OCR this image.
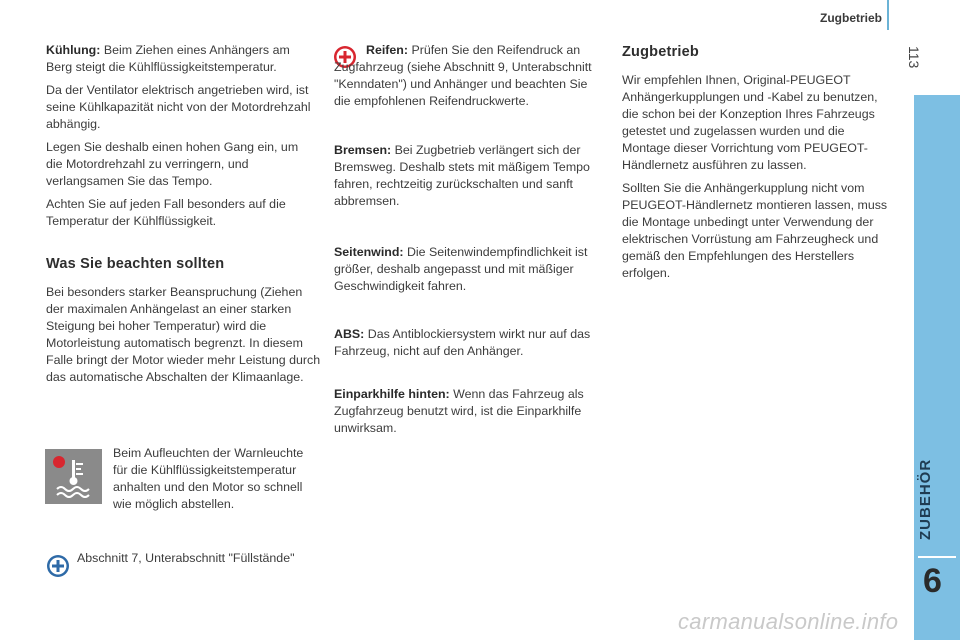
Zugbetrieb
113
ZUBEHÖR
6
Kühlung: Beim Ziehen eines Anhängers am Berg steigt die Kühlflüssigkeitstemperatur.
Da der Ventilator elektrisch angetrieben wird, ist seine Kühlkapazität nicht von der Motordrehzahl abhängig.
Legen Sie deshalb einen hohen Gang ein, um die Motordrehzahl zu verringern, und verlangsamen Sie das Tempo.
Achten Sie auf jeden Fall besonders auf die Temperatur der Kühlflüssigkeit.
Was Sie beachten sollten
Bei besonders starker Beanspruchung (Ziehen der maximalen Anhängelast an einer starken Steigung bei hoher Temperatur) wird die Motorleistung automatisch begrenzt. In diesem Falle bringt der Motor wieder mehr Leistung durch das automatische Abschalten der Klimaanlage.
Beim Aufleuchten der Warnleuchte für die Kühlflüssigkeitstemperatur anhalten und den Motor so schnell wie möglich abstellen.
Abschnitt 7, Unterabschnitt "Füllstände"
Reifen: Prüfen Sie den Reifendruck an Zugfahrzeug (siehe Abschnitt 9, Unterabschnitt "Kenndaten") und Anhänger und beachten Sie die empfohlenen Reifendruckwerte.
Bremsen: Bei Zugbetrieb verlängert sich der Bremsweg. Deshalb stets mit mäßigem Tempo fahren, rechtzeitig zurückschalten und sanft abbremsen.
Seitenwind: Die Seitenwindempfindlichkeit ist größer, deshalb angepasst und mit mäßiger Geschwindigkeit fahren.
ABS: Das Antiblockiersystem wirkt nur auf das Fahrzeug, nicht auf den Anhänger.
Einparkhilfe hinten: Wenn das Fahrzeug als Zugfahrzeug benutzt wird, ist die Einparkhilfe unwirksam.
Zugbetrieb
Wir empfehlen Ihnen, Original-PEUGEOT Anhängerkupplungen und -Kabel zu benutzen, die schon bei der Konzeption Ihres Fahrzeugs getestet und zugelassen wurden und die Montage dieser Vorrichtung vom PEUGEOT-Händlernetz ausführen zu lassen.
Sollten Sie die Anhängerkupplung nicht vom PEUGEOT-Händlernetz montieren lassen, muss die Montage unbedingt unter Verwendung der elektrischen Vorrüstung am Fahrzeugheck und gemäß den Empfehlungen des Herstellers erfolgen.
carmanualsonline.info
